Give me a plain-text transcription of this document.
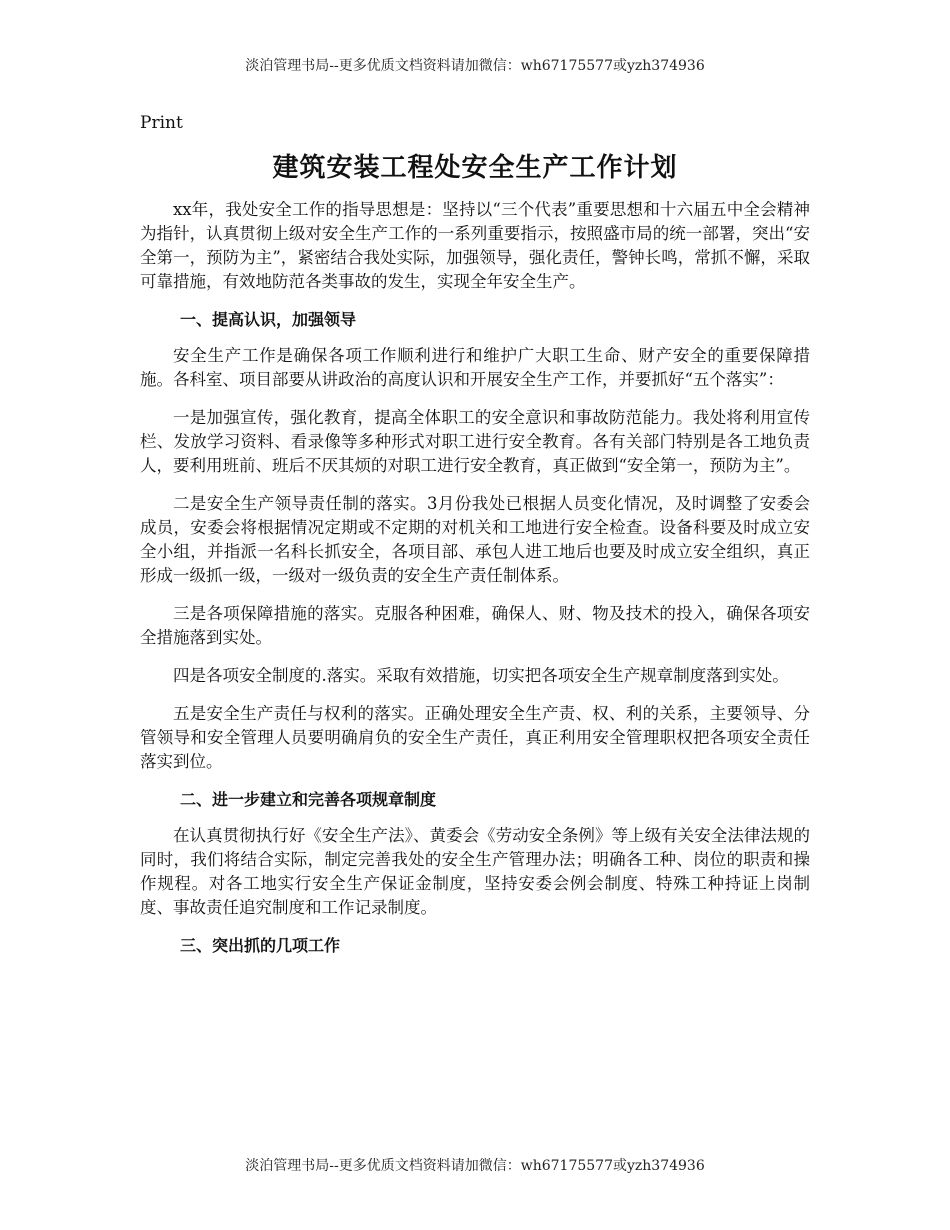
淡泊管理书局--更多优质文档资料请加微信：wh67175577或yzh374936
Print
建筑安装工程处安全生产工作计划

xx年，我处安全工作的指导思想是：坚持以“三个代表”重要思想和十六届五中全会精神为指针，认真贯彻上级对安全生产工作的一系列重要指示，按照盛市局的统一部署，突出“安全第一，预防为主”，紧密结合我处实际，加强领导，强化责任，警钟长鸣，常抓不懈，采取可靠措施，有效地防范各类事故的发生，实现全年安全生产。

一、提高认识，加强领导

安全生产工作是确保各项工作顺利进行和维护广大职工生命、财产安全的重要保障措施。各科室、项目部要从讲政治的高度认识和开展安全生产工作，并要抓好“五个落实”：

一是加强宣传，强化教育，提高全体职工的安全意识和事故防范能力。我处将利用宣传栏、发放学习资料、看录像等多种形式对职工进行安全教育。各有关部门特别是各工地负责人，要利用班前、班后不厌其烦的对职工进行安全教育，真正做到“安全第一，预防为主”。

二是安全生产领导责任制的落实。3月份我处已根据人员变化情况，及时调整了安委会成员，安委会将根据情况定期或不定期的对机关和工地进行安全检查。设备科要及时成立安全小组，并指派一名科长抓安全，各项目部、承包人进工地后也要及时成立安全组织，真正形成一级抓一级，一级对一级负责的安全生产责任制体系。

三是各项保障措施的落实。克服各种困难，确保人、财、物及技术的投入，确保各项安全措施落到实处。

四是各项安全制度的.落实。采取有效措施，切实把各项安全生产规章制度落到实处。

五是安全生产责任与权利的落实。正确处理安全生产责、权、利的关系，主要领导、分管领导和安全管理人员要明确肩负的安全生产责任，真正利用安全管理职权把各项安全责任落实到位。

二、进一步建立和完善各项规章制度

在认真贯彻执行好《安全生产法》、黄委会《劳动安全条例》等上级有关安全法律法规的同时，我们将结合实际，制定完善我处的安全生产管理办法；明确各工种、岗位的职责和操作规程。对各工地实行安全生产保证金制度，坚持安委会例会制度、特殊工种持证上岗制度、事故责任追究制度和工作记录制度。

三、突出抓的几项工作
淡泊管理书局--更多优质文档资料请加微信：wh67175577或yzh374936
